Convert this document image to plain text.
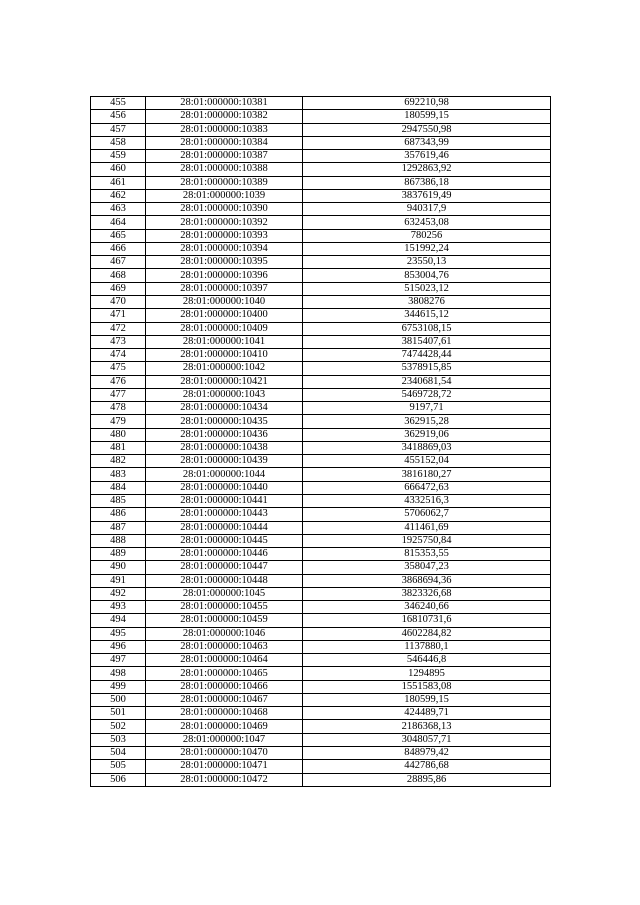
455	28:01:000000:10381	692210,98
456	28:01:000000:10382	180599,15
457	28:01:000000:10383	2947550,98
458	28:01:000000:10384	687343,99
459	28:01:000000:10387	357619,46
460	28:01:000000:10388	1292863,92
461	28:01:000000:10389	867386,18
462	28:01:000000:1039	3837619,49
463	28:01:000000:10390	940317,9
464	28:01:000000:10392	632453,08
465	28:01:000000:10393	780256
466	28:01:000000:10394	151992,24
467	28:01:000000:10395	23550,13
468	28:01:000000:10396	853004,76
469	28:01:000000:10397	515023,12
470	28:01:000000:1040	3808276
471	28:01:000000:10400	344615,12
472	28:01:000000:10409	6753108,15
473	28:01:000000:1041	3815407,61
474	28:01:000000:10410	7474428,44
475	28:01:000000:1042	5378915,85
476	28:01:000000:10421	2340681,54
477	28:01:000000:1043	5469728,72
478	28:01:000000:10434	9197,71
479	28:01:000000:10435	362915,28
480	28:01:000000:10436	362919,06
481	28:01:000000:10438	3418869,03
482	28:01:000000:10439	455152,04
483	28:01:000000:1044	3816180,27
484	28:01:000000:10440	666472,63
485	28:01:000000:10441	4332516,3
486	28:01:000000:10443	5706062,7
487	28:01:000000:10444	411461,69
488	28:01:000000:10445	1925750,84
489	28:01:000000:10446	815353,55
490	28:01:000000:10447	358047,23
491	28:01:000000:10448	3868694,36
492	28:01:000000:1045	3823326,68
493	28:01:000000:10455	346240,66
494	28:01:000000:10459	16810731,6
495	28:01:000000:1046	4602284,82
496	28:01:000000:10463	1137880,1
497	28:01:000000:10464	546446,8
498	28:01:000000:10465	1294895
499	28:01:000000:10466	1551583,08
500	28:01:000000:10467	180599,15
501	28:01:000000:10468	424489,71
502	28:01:000000:10469	2186368,13
503	28:01:000000:1047	3048057,71
504	28:01:000000:10470	848979,42
505	28:01:000000:10471	442786,68
506	28:01:000000:10472	28895,86
